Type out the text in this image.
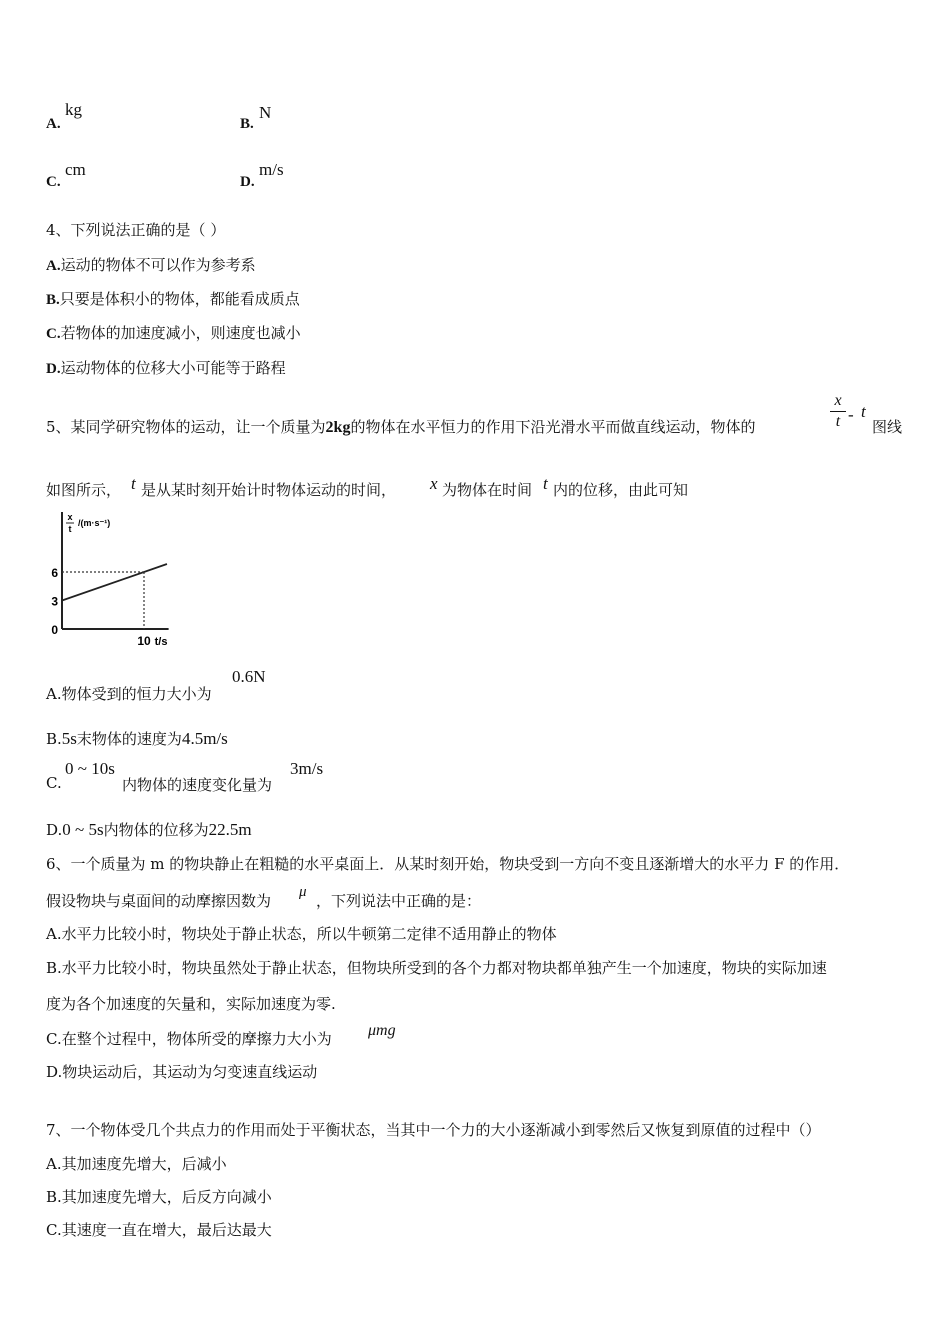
A.
kg
B.
N
C.
cm
D.
m/s
4、下列说法正确的是（ ）
A.运动的物体不可以作为参考系
B.只要是体积小的物体，都能看成质点
C.若物体的加速度减小，则速度也减小
D.运动物体的位移大小可能等于路程
5、某同学研究物体的运动，让一个质量为2kg的物体在水平恒力的作用下沿光滑水平而做直线运动，物体的
x
t - t
图线
如图所示， t 是从某时刻开始计时物体运动的时间， x 为物体在时间 t 内的位移，由此可知
0
3
6
10
x
t
/(m·s⁻¹)
t/s
A.物体受到的恒力大小为
0.6N
B.5s末物体的速度为4.5m/s
C.
0 ~ 10s
内物体的速度变化量为
3m/s
D.0 ~ 5s内物体的位移为22.5m
6、一个质量为 m 的物块静止在粗糙的水平桌面上．从某时刻开始，物块受到一方向不变且逐渐增大的水平力 F 的作用．
假设物块与桌面间的动摩擦因数为 μ ，下列说法中正确的是：
A.水平力比较小时，物块处于静止状态，所以牛顿第二定律不适用静止的物体
B.水平力比较小时，物块虽然处于静止状态，但物块所受到的各个力都对物块都单独产生一个加速度，物块的实际加速
度为各个加速度的矢量和，实际加速度为零.
C.在整个过程中，物体所受的摩擦力大小为 μmg
D.物块运动后，其运动为匀变速直线运动
7、一个物体受几个共点力的作用而处于平衡状态，当其中一个力的大小逐渐减小到零然后又恢复到原值的过程中（）
A.其加速度先增大，后减小
B.其加速度先增大，后反方向减小
C.其速度一直在增大，最后达最大
